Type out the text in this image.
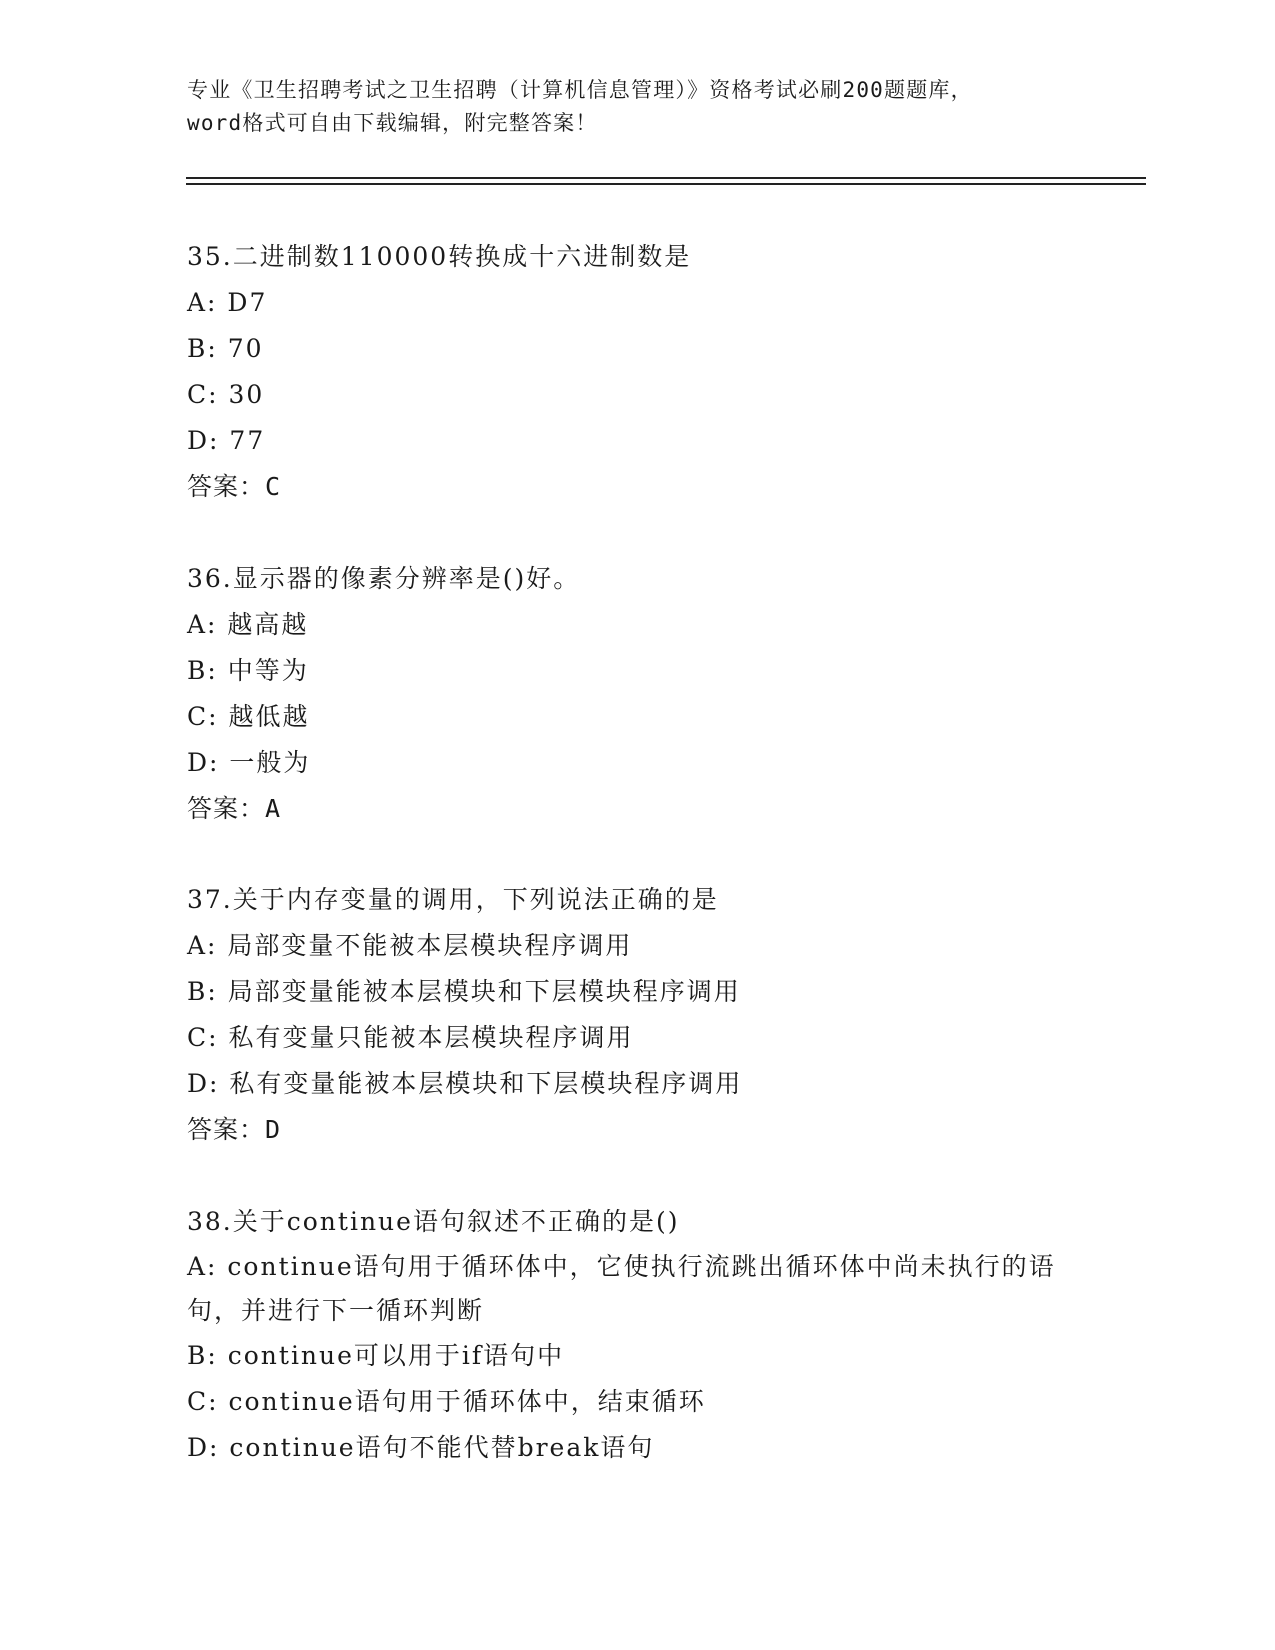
专业《卫生招聘考试之卫生招聘（计算机信息管理）》资格考试必刷200题题库，
word格式可自由下载编辑，附完整答案！
35.二进制数110000转换成十六进制数是
A: D7
B: 70
C: 30
D: 77
答案：C
36.显示器的像素分辨率是()好。
A: 越高越
B: 中等为
C: 越低越
D: 一般为
答案：A
37.关于内存变量的调用，下列说法正确的是
A: 局部变量不能被本层模块程序调用
B: 局部变量能被本层模块和下层模块程序调用
C: 私有变量只能被本层模块程序调用
D: 私有变量能被本层模块和下层模块程序调用
答案：D
38.关于continue语句叙述不正确的是()
A: continue语句用于循环体中，它使执行流跳出循环体中尚未执行的语句，并进行下一循环判断
B: continue可以用于if语句中
C: continue语句用于循环体中，结束循环
D: continue语句不能代替break语句
